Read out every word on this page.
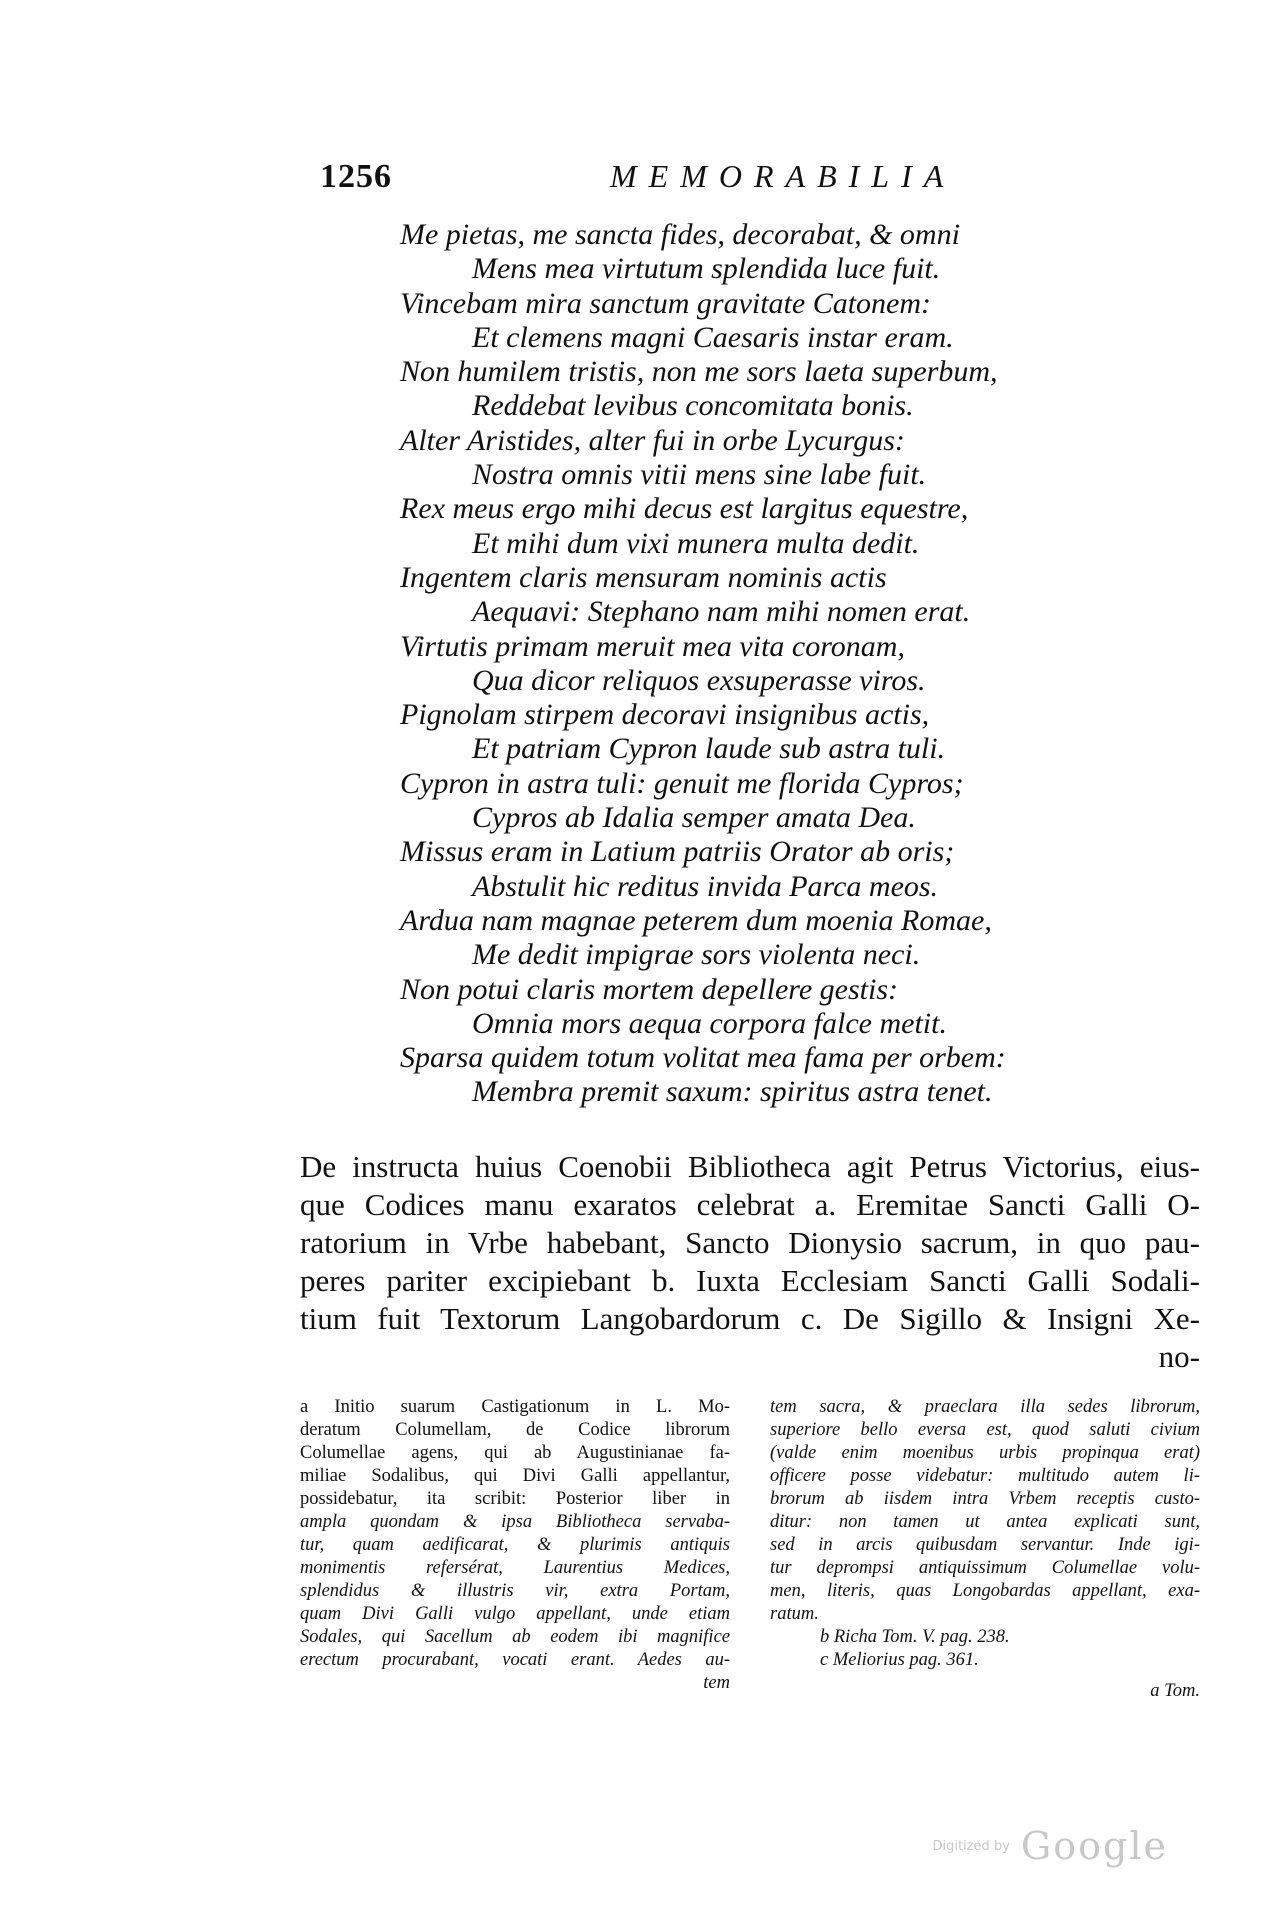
1256	MEMORABILIA
Me pietas, me sancta fides, decorabat, & omni
Mens mea virtutum splendida luce fuit.
Vincebam mira sanctum gravitate Catonem:
Et clemens magni Caesaris instar eram.
Non humilem tristis, non me sors laeta superbum,
Reddebat levibus concomitata bonis.
Alter Aristides, alter fui in orbe Lycurgus:
Nostra omnis vitii mens sine labe fuit.
Rex meus ergo mihi decus est largitus equestre,
Et mihi dum vixi munera multa dedit.
Ingentem claris mensuram nominis actis
Aequavi: Stephano nam mihi nomen erat.
Virtutis primam meruit mea vita coronam,
Qua dicor reliquos exsuperasse viros.
Pignolam stirpem decoravi insignibus actis,
Et patriam Cypron laude sub astra tuli.
Cypron in astra tuli: genuit me florida Cypros;
Cypros ab Idalia semper amata Dea.
Missus eram in Latium patriis Orator ab oris;
Abstulit hic reditus invida Parca meos.
Ardua nam magnae peterem dum moenia Romae,
Me dedit impigrae sors violenta neci.
Non potui claris mortem depellere gestis:
Omnia mors aequa corpora falce metit.
Sparsa quidem totum volitat mea fama per orbem:
Membra premit saxum: spiritus astra tenet.
De instructa huius Coenobii Bibliotheca agit Petrus Victorius, eius-
que Codices manu exaratos celebrat a. Eremitae Sancti Galli O-
ratorium in Vrbe habebant, Sancto Dionysio sacrum, in quo pau-
peres pariter excipiebant b. Iuxta Ecclesiam Sancti Galli Sodali-
tium fuit Textorum Langobardorum c. De Sigillo & Insigni Xe-
no-
a Initio suarum Castigationum in L. Mo-
deratum Columellam, de Codice librorum
Columellae agens, qui ab Augustinianae fa-
miliae Sodalibus, qui Divi Galli appellantur,
possidebatur, ita scribit: Posterior liber in
ampla quondam & ipsa Bibliotheca servaba-
tur, quam aedificarat, & plurimis antiquis
monimentis refersérat, Laurentius Medices,
splendidus & illustris vir, extra Portam,
quam Divi Galli vulgo appellant, unde etiam
Sodales, qui Sacellum ab eodem ibi magnifice
erectum procurabant, vocati erant. Aedes au-
tem
tem sacra, & praeclara illa sedes librorum,
superiore bello eversa est, quod saluti civium
(valde enim moenibus urbis propinqua erat)
officere posse videbatur: multitudo autem li-
brorum ab iisdem intra Vrbem receptis custo-
ditur: non tamen ut antea explicati sunt,
sed in arcis quibusdam servantur. Inde igi-
tur deprompsi antiquissimum Columellae volu-
men, literis, quas Longobardas appellant, exa-
ratum.
b Richa Tom. V. pag. 238.
c Meliorius pag. 361.
a Tom.
Digitized by Google
